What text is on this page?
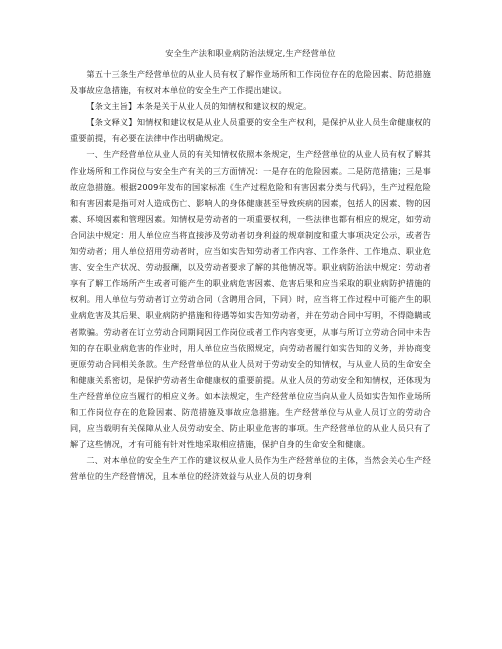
安全生产法和职业病防治法规定,生产经营单位

第五十三条生产经营单位的从业人员有权了解作业场所和工作岗位存在的危险因素、防范措施及事故应急措施，有权对本单位的安全生产工作提出建议。

【条文主旨】本条是关于从业人员的知情权和建议权的规定。

【条文释义】知情权和建议权是从业人员重要的安全生产权利，是保护从业人员生命健康权的重要前提，有必要在法律中作出明确规定。

一、生产经营单位从业人员的有关知情权依照本条规定，生产经营单位的从业人员有权了解其作业场所和工作岗位与安全生产有关的三方面情况：一是存在的危险因素。二是防范措施；三是事故应急措施。根据2009年发布的国家标准《生产过程危险和有害因素分类与代码》，生产过程危险和有害因素是指可对人造成伤亡、影响人的身体健康甚至导致疾病的因素，包括人的因素、物的因素、环境因素和管理因素。知情权是劳动者的一项重要权利，一些法律也都有相应的规定，如劳动合同法中规定：用人单位应当将直接涉及劳动者切身利益的规章制度和重大事项决定公示，或者告知劳动者；用人单位招用劳动者时，应当如实告知劳动者工作内容、工作条件、工作地点、职业危害、安全生产状况、劳动报酬，以及劳动者要求了解的其他情况等。职业病防治法中规定：劳动者享有了解工作场所产生或者可能产生的职业病危害因素、危害后果和应当采取的职业病防护措施的权利。用人单位与劳动者订立劳动合同（含聘用合同，下同）时，应当将工作过程中可能产生的职业病危害及其后果、职业病防护措施和待遇等如实告知劳动者，并在劳动合同中写明，不得隐瞒或者欺骗。劳动者在订立劳动合同期间因工作岗位或者工作内容变更，从事与所订立劳动合同中未告知的存在职业病危害的作业时，用人单位应当依照规定，向劳动者履行如实告知的义务，并协商变更原劳动合同相关条款。生产经营单位的从业人员对于劳动安全的知情权，与从业人员的生命安全和健康关系密切，是保护劳动者生命健康权的重要前提。从业人员的劳动安全和知情权，还体现为生产经营单位应当履行的相应义务。如本法规定，生产经营单位应当向从业人员如实告知作业场所和工作岗位存在的危险因素、防范措施及事故应急措施。生产经营单位与从业人员订立的劳动合同，应当载明有关保障从业人员劳动安全、防止职业危害的事项。生产经营单位的从业人员只有了解了这些情况，才有可能有针对性地采取相应措施，保护自身的生命安全和健康。

二、对本单位的安全生产工作的建议权从业人员作为生产经营单位的主体，当然会关心生产经营单位的生产经营情况，且本单位的经济效益与从业人员的切身利
